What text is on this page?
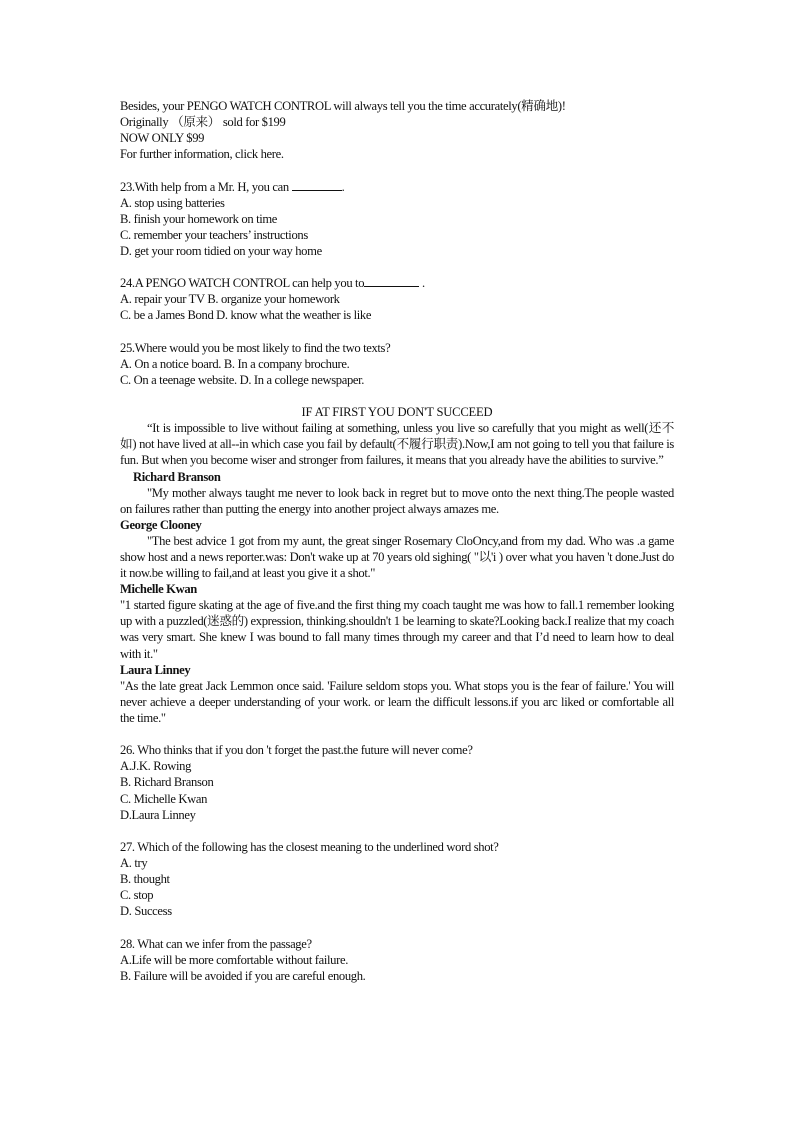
Besides, your PENGO WATCH CONTROL will always tell you the time accurately(精确地)!

Originally （原来） sold for $199

NOW ONLY $99

For further information, click here.

23.With help from a Mr. H, you can	.

A. stop using batteries

B. finish your homework on time

C. remember your teachers’ instructions

D. get your room tidied on your way home

24.A PENGO WATCH CONTROL can help you to	.

A. repair your TV B. organize your homework

C. be a James Bond D. know what the weather is like

25.Where would you be most likely to find the two texts?

A. On a notice board. B. In a company brochure.

C. On a teenage website. D. In a college newspaper.

IF AT FIRST YOU DON'T SUCCEED

“It is impossible to live without failing at something, unless you live so carefully that you might as well(还不如) not have lived at all--in which case you fail by default(不履行职责).Now,I am not going to tell you that failure is fun. But when you become wiser and stronger from failures, it means that you already have the abilities to survive.”

Richard Branson

"My mother always taught me never to look back in regret but to move onto the next thing.The people wasted on failures rather than putting the energy into another project always amazes me.

George Clooney

"The best advice 1 got from my aunt, the great singer Rosemary CloOncy,and from my dad. Who was .a game show host and a news reporter.was: Don't wake up at 70 years old sighing( "以'i ) over what you haven 't done.Just do it now.be willing to fail,and at least you give it a shot."

Michelle Kwan

"1 started figure skating at the age of five.and the first thing my coach taught me was how to fall.1 remember looking up with a puzzled(迷惑的) expression, thinking.shouldn't 1 be learning to skate?Looking back.I realize that my coach was very smart. She knew I was bound to fall many times through my career and that I’d need to learn how to deal with it."

Laura Linney

"As the late great Jack Lemmon once said. 'Failure seldom stops you. What stops you is the fear of failure.' You will never achieve a deeper understanding of your work. or learn the difficult lessons.if you arc liked or comfortable all the time."

26. Who thinks that if you don 't forget the past.the future will never come?

A.J.K. Rowing

B. Richard Branson

C. Michelle Kwan

D.Laura Linney

27. Which of the following has the closest meaning to the underlined word shot?

A. try

B. thought

C. stop

D. Success

28. What can we infer from the passage?

A.Life will be more comfortable without failure.

B. Failure will be avoided if you are careful enough.
